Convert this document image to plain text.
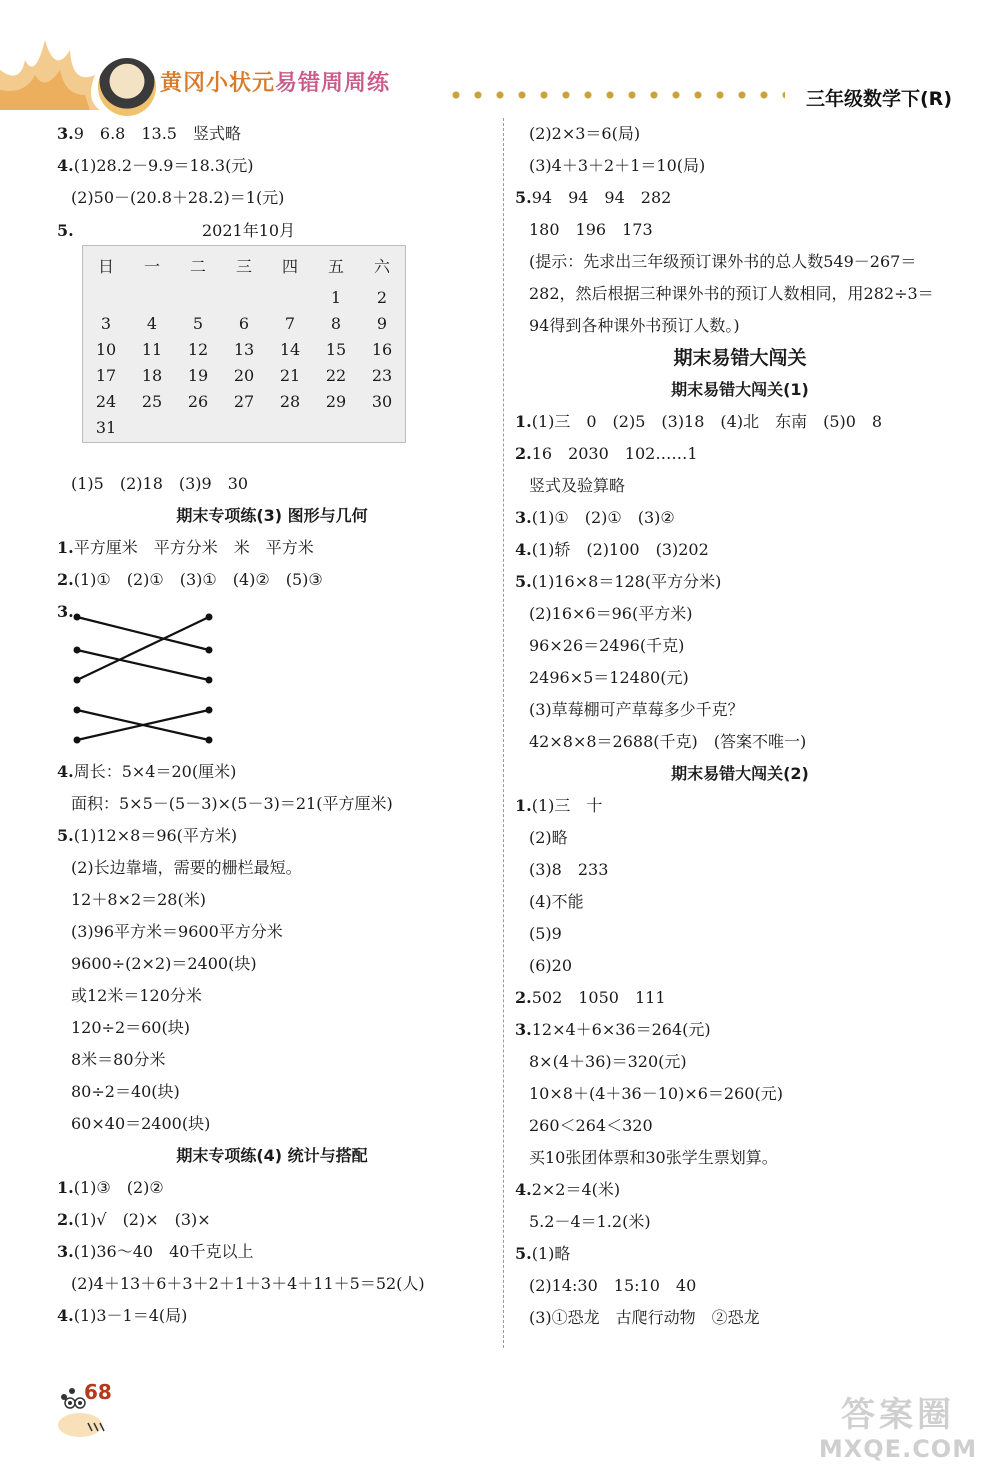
黄冈小状元易错周周练
三年级数学下(R)
3.9　6.8　13.5　竖式略
4.(1)28.2－9.9＝18.3(元)
(2)50－(20.8＋28.2)＝1(元)
5.	2021年10月
日	一	二	三	四	五	六
					1	2
3	4	5	6	7	8	9
10	11	12	13	14	15	16
17	18	19	20	21	22	23
24	25	26	27	28	29	30
31						
(1)5　(2)18　(3)9　30
期末专项练(3) 图形与几何
1.平方厘米　平方分米　米　平方米
2.(1)①　(2)①　(3)①　(4)②　(5)③
3.
4.周长：5×4＝20(厘米)
面积：5×5－(5－3)×(5－3)＝21(平方厘米)
5.(1)12×8＝96(平方米)
(2)长边靠墙，需要的栅栏最短。
12＋8×2＝28(米)
(3)96平方米＝9600平方分米
9600÷(2×2)＝2400(块)
或12米＝120分米
120÷2＝60(块)
8米＝80分米
80÷2＝40(块)
60×40＝2400(块)
期末专项练(4) 统计与搭配
1.(1)③　(2)②
2.(1)√　(2)×　(3)×
3.(1)36～40　40千克以上
(2)4＋13＋6＋3＋2＋1＋3＋4＋11＋5＝52(人)
4.(1)3－1＝4(局)
(2)2×3＝6(局)
(3)4＋3＋2＋1＝10(局)
5.94　94　94　282
180　196　173
(提示：先求出三年级预订课外书的总人数549－267＝
282，然后根据三种课外书的预订人数相同，用282÷3＝
94得到各种课外书预订人数。)
期末易错大闯关
期末易错大闯关(1)
1.(1)三　0　(2)5　(3)18　(4)北　东南　(5)0　8
2.16　2030　102……1
竖式及验算略
3.(1)①　(2)①　(3)②
4.(1)轿　(2)100　(3)202
5.(1)16×8＝128(平方分米)
(2)16×6＝96(平方米)
96×26＝2496(千克)
2496×5＝12480(元)
(3)草莓棚可产草莓多少千克？
42×8×8＝2688(千克)　(答案不唯一)
期末易错大闯关(2)
1.(1)三　十
(2)略
(3)8　233
(4)不能
(5)9
(6)20
2.502　1050　111
3.12×4＋6×36＝264(元)
8×(4＋36)＝320(元)
10×8＋(4＋36－10)×6＝260(元)
260＜264＜320
买10张团体票和30张学生票划算。
4.2×2＝4(米)
5.2－4＝1.2(米)
5.(1)略
(2)14:30　15:10　40
(3)①恐龙　古爬行动物　②恐龙
68
答案圈
MXQE.COM
